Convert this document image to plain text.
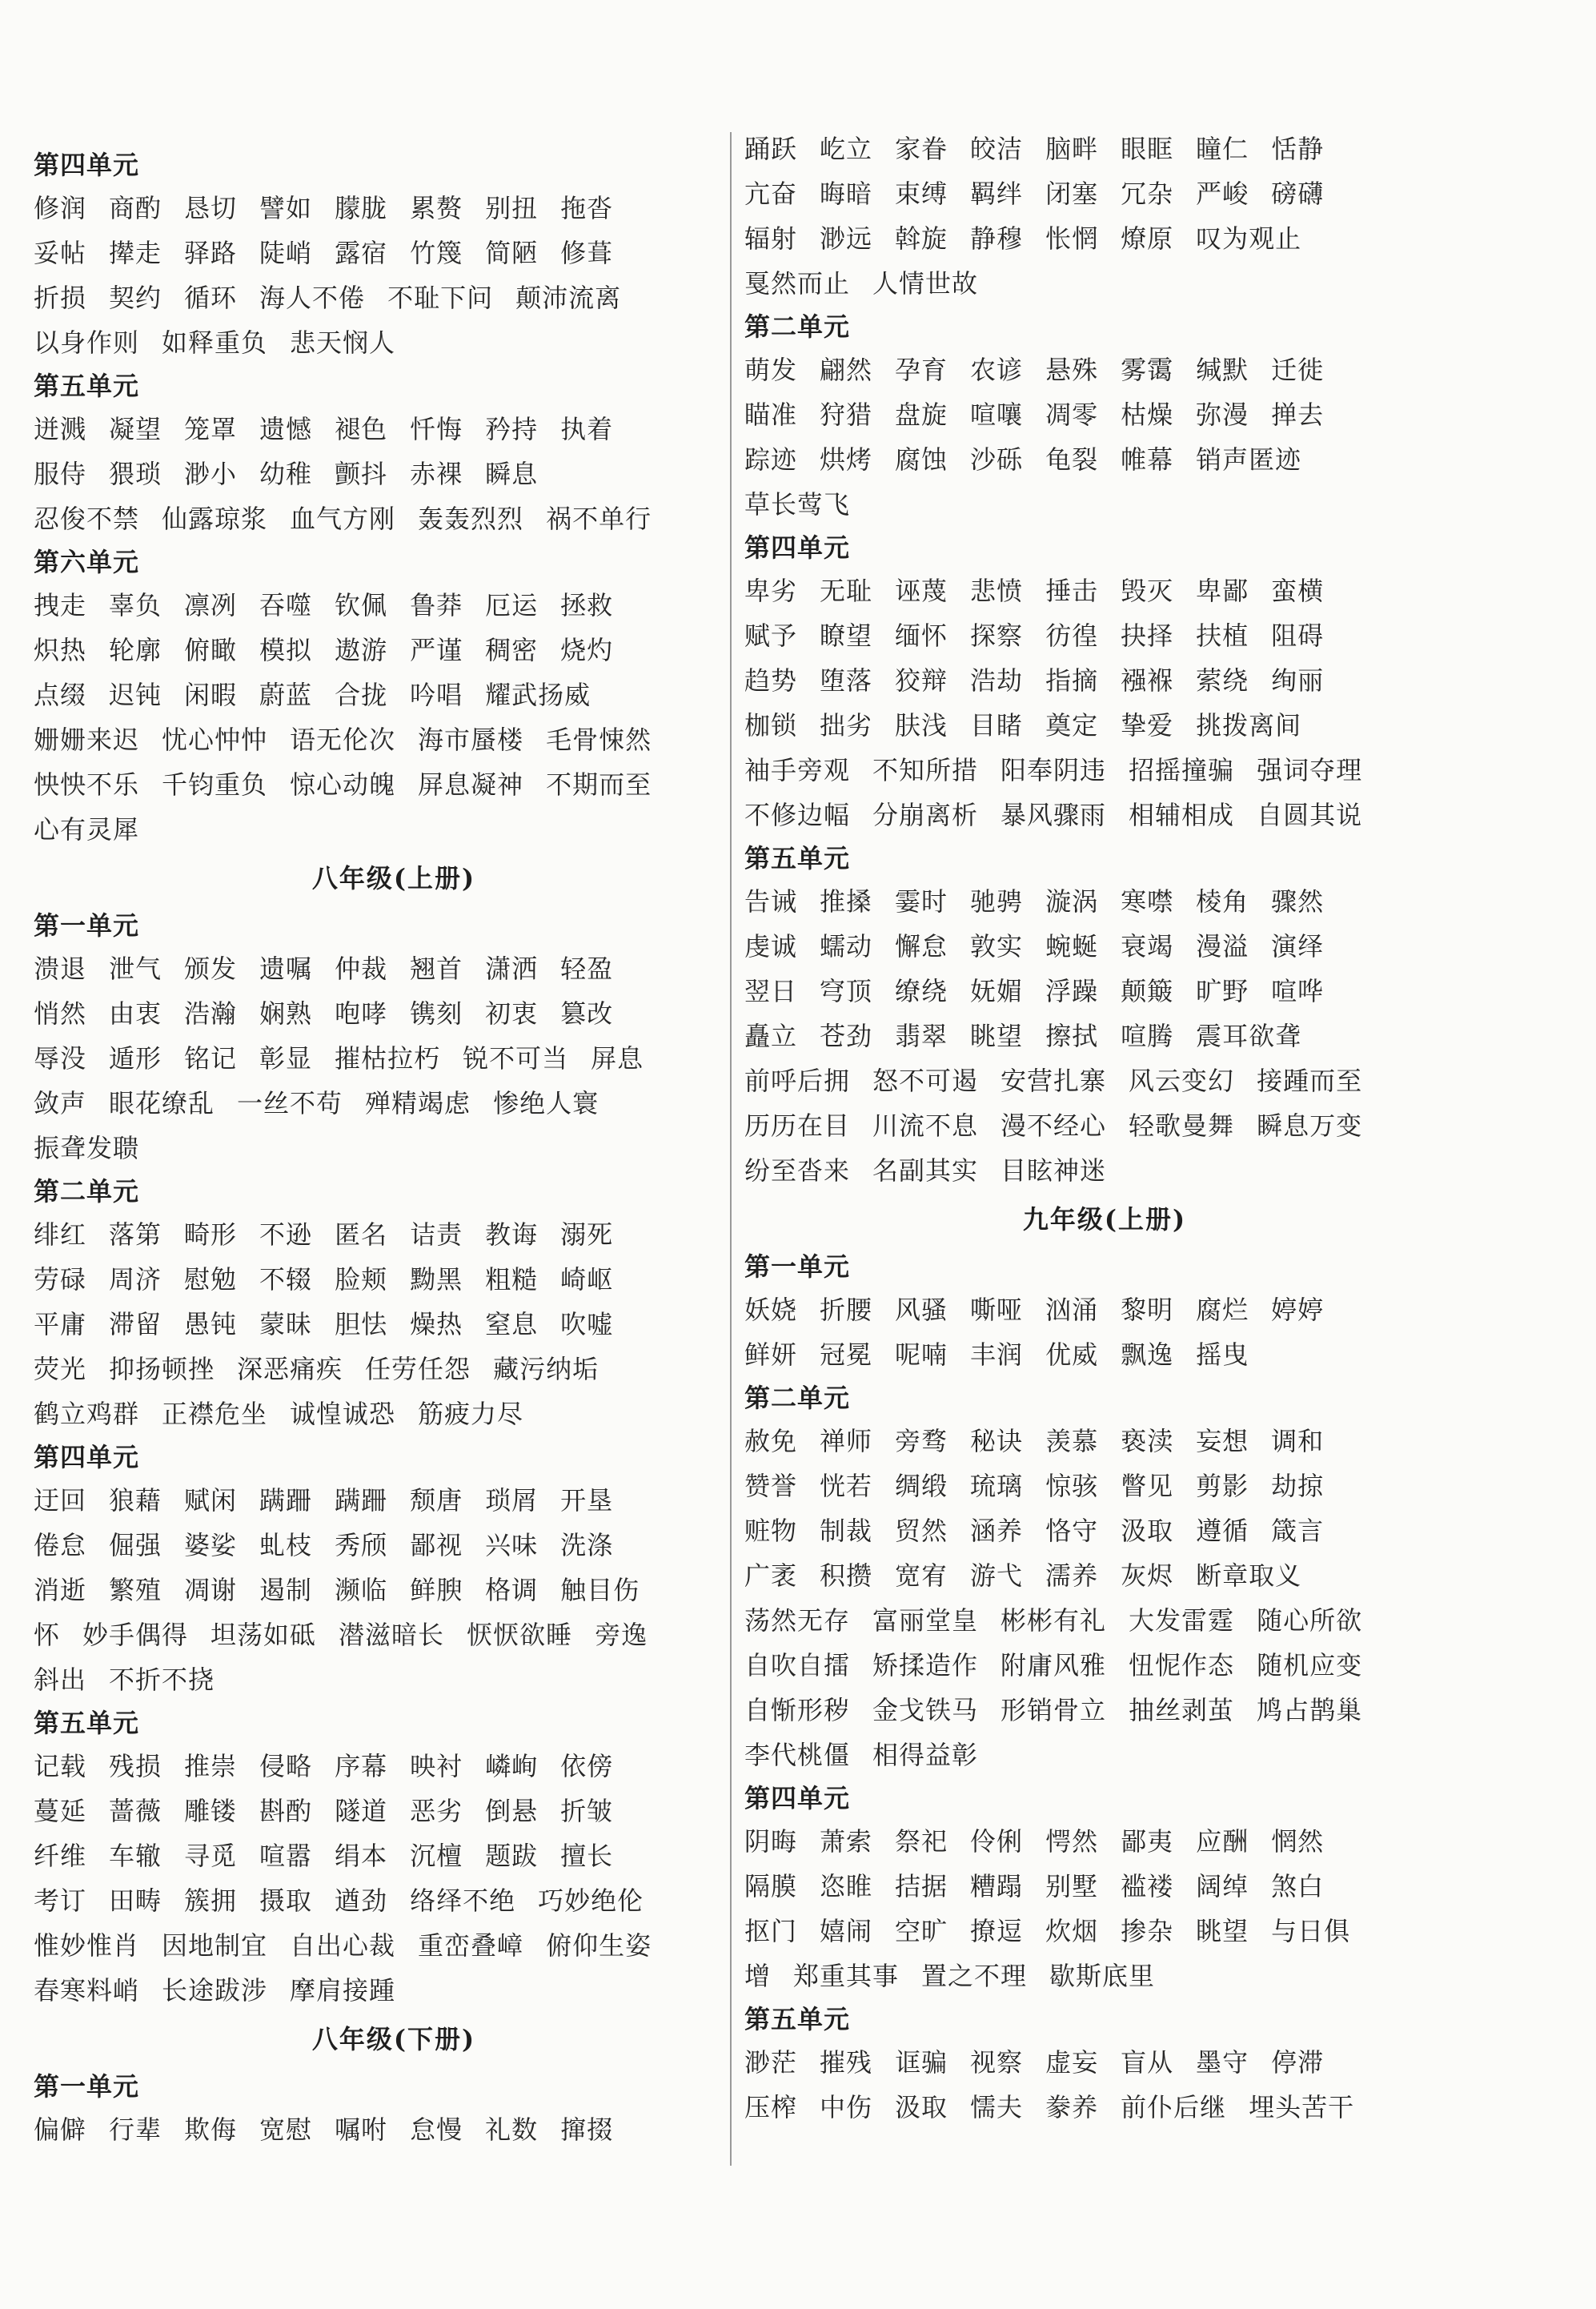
第四单元
修润 商酌 恳切 譬如 朦胧 累赘 别扭 拖沓
妥帖 撵走 驿路 陡峭 露宿 竹篾 简陋 修葺
折损 契约 循环 海人不倦 不耻下问 颠沛流离
以身作则 如释重负 悲天悯人
第五单元
迸溅 凝望 笼罩 遗憾 褪色 忏悔 矜持 执着
服侍 猥琐 渺小 幼稚 颤抖 赤裸 瞬息
忍俊不禁 仙露琼浆 血气方刚 轰轰烈烈 祸不单行
第六单元
拽走 辜负 凛冽 吞噬 钦佩 鲁莽 厄运 拯救
炽热 轮廓 俯瞰 模拟 遨游 严谨 稠密 烧灼
点缀 迟钝 闲暇 蔚蓝 合拢 吟唱 耀武扬威
姗姗来迟 忧心忡忡 语无伦次 海市蜃楼 毛骨悚然
怏怏不乐 千钧重负 惊心动魄 屏息凝神 不期而至
心有灵犀
八年级(上册)
第一单元
溃退 泄气 颁发 遗嘱 仲裁 翘首 潇洒 轻盈
悄然 由衷 浩瀚 娴熟 咆哮 镌刻 初衷 篡改
辱没 遁形 铭记 彰显 摧枯拉朽 锐不可当 屏息
敛声 眼花缭乱 一丝不苟 殚精竭虑 惨绝人寰
振聋发聩
第二单元
绯红 落第 畸形 不逊 匿名 诘责 教诲 溺死
劳碌 周济 慰勉 不辍 脸颊 黝黑 粗糙 崎岖
平庸 滞留 愚钝 蒙昧 胆怯 燥热 窒息 吹嘘
荧光 抑扬顿挫 深恶痛疾 任劳任怨 藏污纳垢
鹤立鸡群 正襟危坐 诚惶诚恐 筋疲力尽
第四单元
迂回 狼藉 赋闲 蹒跚 蹒跚 颓唐 琐屑 开垦
倦怠 倔强 婆娑 虬枝 秀颀 鄙视 兴味 洗涤
消逝 繁殖 凋谢 遏制 濒临 鲜腴 格调 触目伤
怀 妙手偶得 坦荡如砥 潜滋暗长 恹恹欲睡 旁逸
斜出 不折不挠
第五单元
记载 残损 推崇 侵略 序幕 映衬 嶙峋 依傍
蔓延 蔷薇 雕镂 斟酌 隧道 恶劣 倒悬 折皱
纤维 车辙 寻觅 喧嚣 绢本 沉檀 题跋 擅长
考订 田畴 簇拥 摄取 遒劲 络绎不绝 巧妙绝伦
惟妙惟肖 因地制宜 自出心裁 重峦叠嶂 俯仰生姿
春寒料峭 长途跋涉 摩肩接踵
八年级(下册)
第一单元
偏僻 行辈 欺侮 宽慰 嘱咐 怠慢 礼数 撺掇
踊跃 屹立 家眷 皎洁 脑畔 眼眶 瞳仁 恬静
亢奋 晦暗 束缚 羁绊 闭塞 冗杂 严峻 磅礴
辐射 渺远 斡旋 静穆 怅惘 燎原 叹为观止
戛然而止 人情世故
第二单元
萌发 翩然 孕育 农谚 悬殊 雾霭 缄默 迁徙
瞄准 狩猎 盘旋 喧嚷 凋零 枯燥 弥漫 掸去
踪迹 烘烤 腐蚀 沙砾 龟裂 帷幕 销声匿迹
草长莺飞
第四单元
卑劣 无耻 诬蔑 悲愤 捶击 毁灭 卑鄙 蛮横
赋予 瞭望 缅怀 探察 彷徨 抉择 扶植 阻碍
趋势 堕落 狡辩 浩劫 指摘 襁褓 萦绕 绚丽
枷锁 拙劣 肤浅 目睹 奠定 挚爱 挑拨离间
袖手旁观 不知所措 阳奉阴违 招摇撞骗 强词夺理
不修边幅 分崩离析 暴风骤雨 相辅相成 自圆其说
第五单元
告诫 推搡 霎时 驰骋 漩涡 寒噤 棱角 骤然
虔诚 蠕动 懈怠 敦实 蜿蜒 衰竭 漫溢 演绎
翌日 穹顶 缭绕 妩媚 浮躁 颠簸 旷野 喧哗
矗立 苍劲 翡翠 眺望 擦拭 喧腾 震耳欲聋
前呼后拥 怒不可遏 安营扎寨 风云变幻 接踵而至
历历在目 川流不息 漫不经心 轻歌曼舞 瞬息万变
纷至沓来 名副其实 目眩神迷
九年级(上册)
第一单元
妖娆 折腰 风骚 嘶哑 汹涌 黎明 腐烂 婷婷
鲜妍 冠冕 呢喃 丰润 优威 飘逸 摇曳
第二单元
赦免 禅师 旁骛 秘诀 羡慕 亵渎 妄想 调和
赞誉 恍若 绸缎 琉璃 惊骇 瞥见 剪影 劫掠
赃物 制裁 贸然 涵养 恪守 汲取 遵循 箴言
广袤 积攒 宽宥 游弋 濡养 灰烬 断章取义
荡然无存 富丽堂皇 彬彬有礼 大发雷霆 随心所欲
自吹自擂 矫揉造作 附庸风雅 忸怩作态 随机应变
自惭形秽 金戈铁马 形销骨立 抽丝剥茧 鸠占鹊巢
李代桃僵 相得益彰
第四单元
阴晦 萧索 祭祀 伶俐 愕然 鄙夷 应酬 惘然
隔膜 恣睢 拮据 糟蹋 别墅 褴褛 阔绰 煞白
抠门 嬉闹 空旷 撩逗 炊烟 掺杂 眺望 与日俱
增 郑重其事 置之不理 歇斯底里
第五单元
渺茫 摧残 诓骗 视察 虚妄 盲从 墨守 停滞
压榨 中伤 汲取 懦夫 豢养 前仆后继 埋头苦干
